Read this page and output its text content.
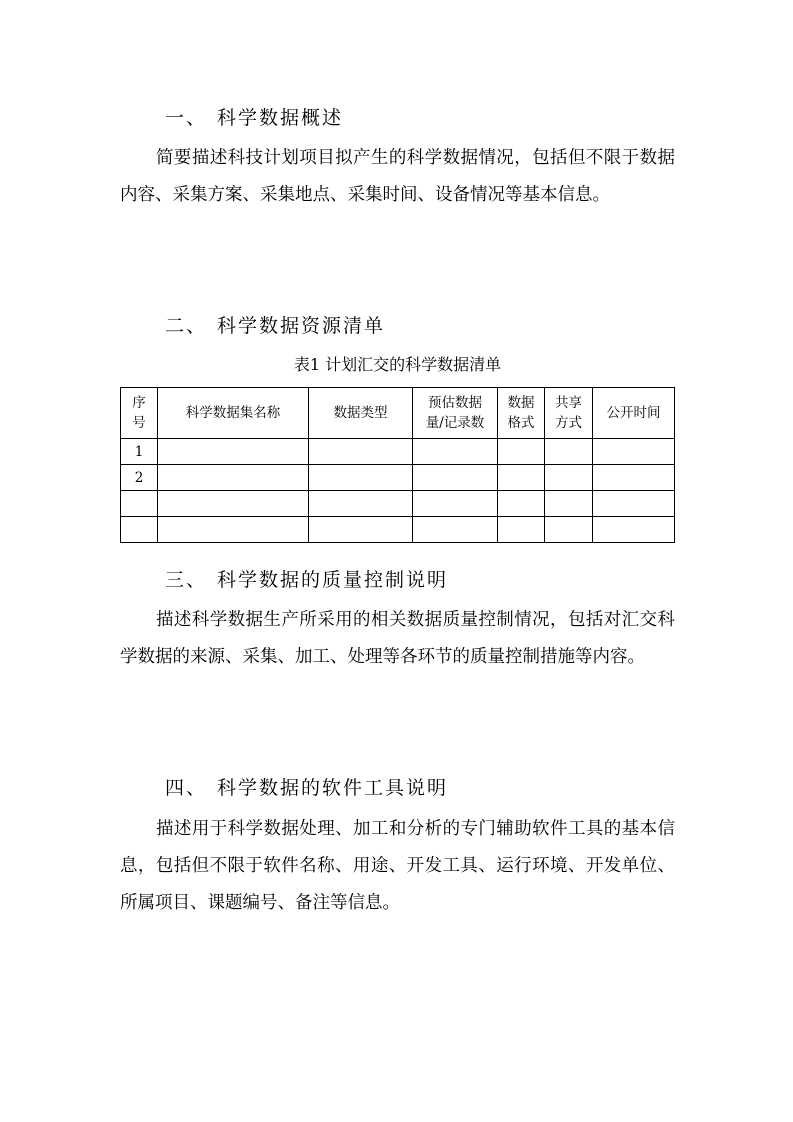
一、 科学数据概述

简要描述科技计划项目拟产生的科学数据情况，包括但不限于数据内容、采集方案、采集地点、采集时间、设备情况等基本信息。

二、 科学数据资源清单
表1 计划汇交的科学数据清单
序号	科学数据集名称	数据类型	预估数据量/记录数	数据格式	共享方式	公开时间
1						
2						

三、 科学数据的质量控制说明

描述科学数据生产所采用的相关数据质量控制情况，包括对汇交科学数据的来源、采集、加工、处理等各环节的质量控制措施等内容。

四、 科学数据的软件工具说明

描述用于科学数据处理、加工和分析的专门辅助软件工具的基本信息，包括但不限于软件名称、用途、开发工具、运行环境、开发单位、所属项目、课题编号、备注等信息。
